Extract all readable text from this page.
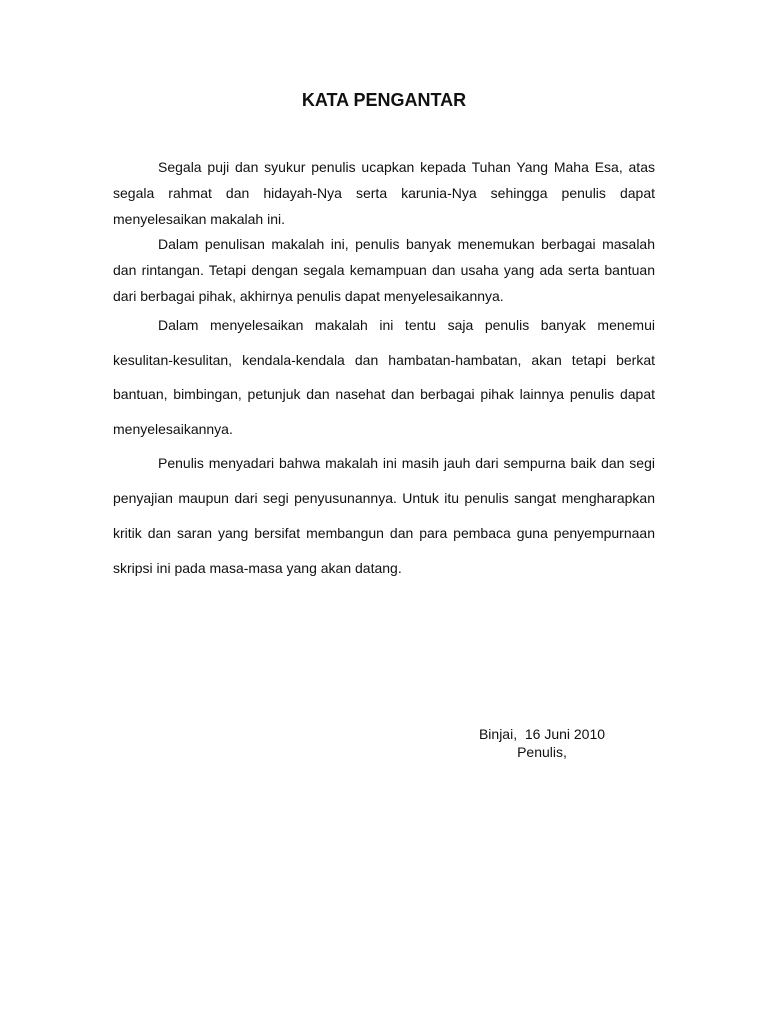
KATA PENGANTAR

Segala puji dan syukur penulis ucapkan kepada Tuhan Yang Maha Esa, atas segala rahmat dan hidayah-Nya serta karunia-Nya sehingga penulis dapat menyelesaikan makalah ini.

Dalam penulisan makalah ini, penulis banyak menemukan berbagai masalah dan rintangan. Tetapi dengan segala kemampuan dan usaha yang ada serta bantuan dari berbagai pihak, akhirnya penulis dapat menyelesaikannya.

Dalam menyelesaikan makalah ini tentu saja penulis banyak menemui kesulitan-kesulitan, kendala-kendala dan hambatan-hambatan, akan tetapi berkat bantuan, bimbingan, petunjuk dan nasehat dan berbagai pihak lainnya penulis dapat menyelesaikannya.

Penulis menyadari bahwa makalah ini masih jauh dari sempurna baik dan segi penyajian maupun dari segi penyusunannya. Untuk itu penulis sangat mengharapkan kritik dan saran yang bersifat membangun dan para pembaca guna penyempurnaan skripsi ini pada masa-masa yang akan datang.

Binjai,  16 Juni 2010
Penulis,
